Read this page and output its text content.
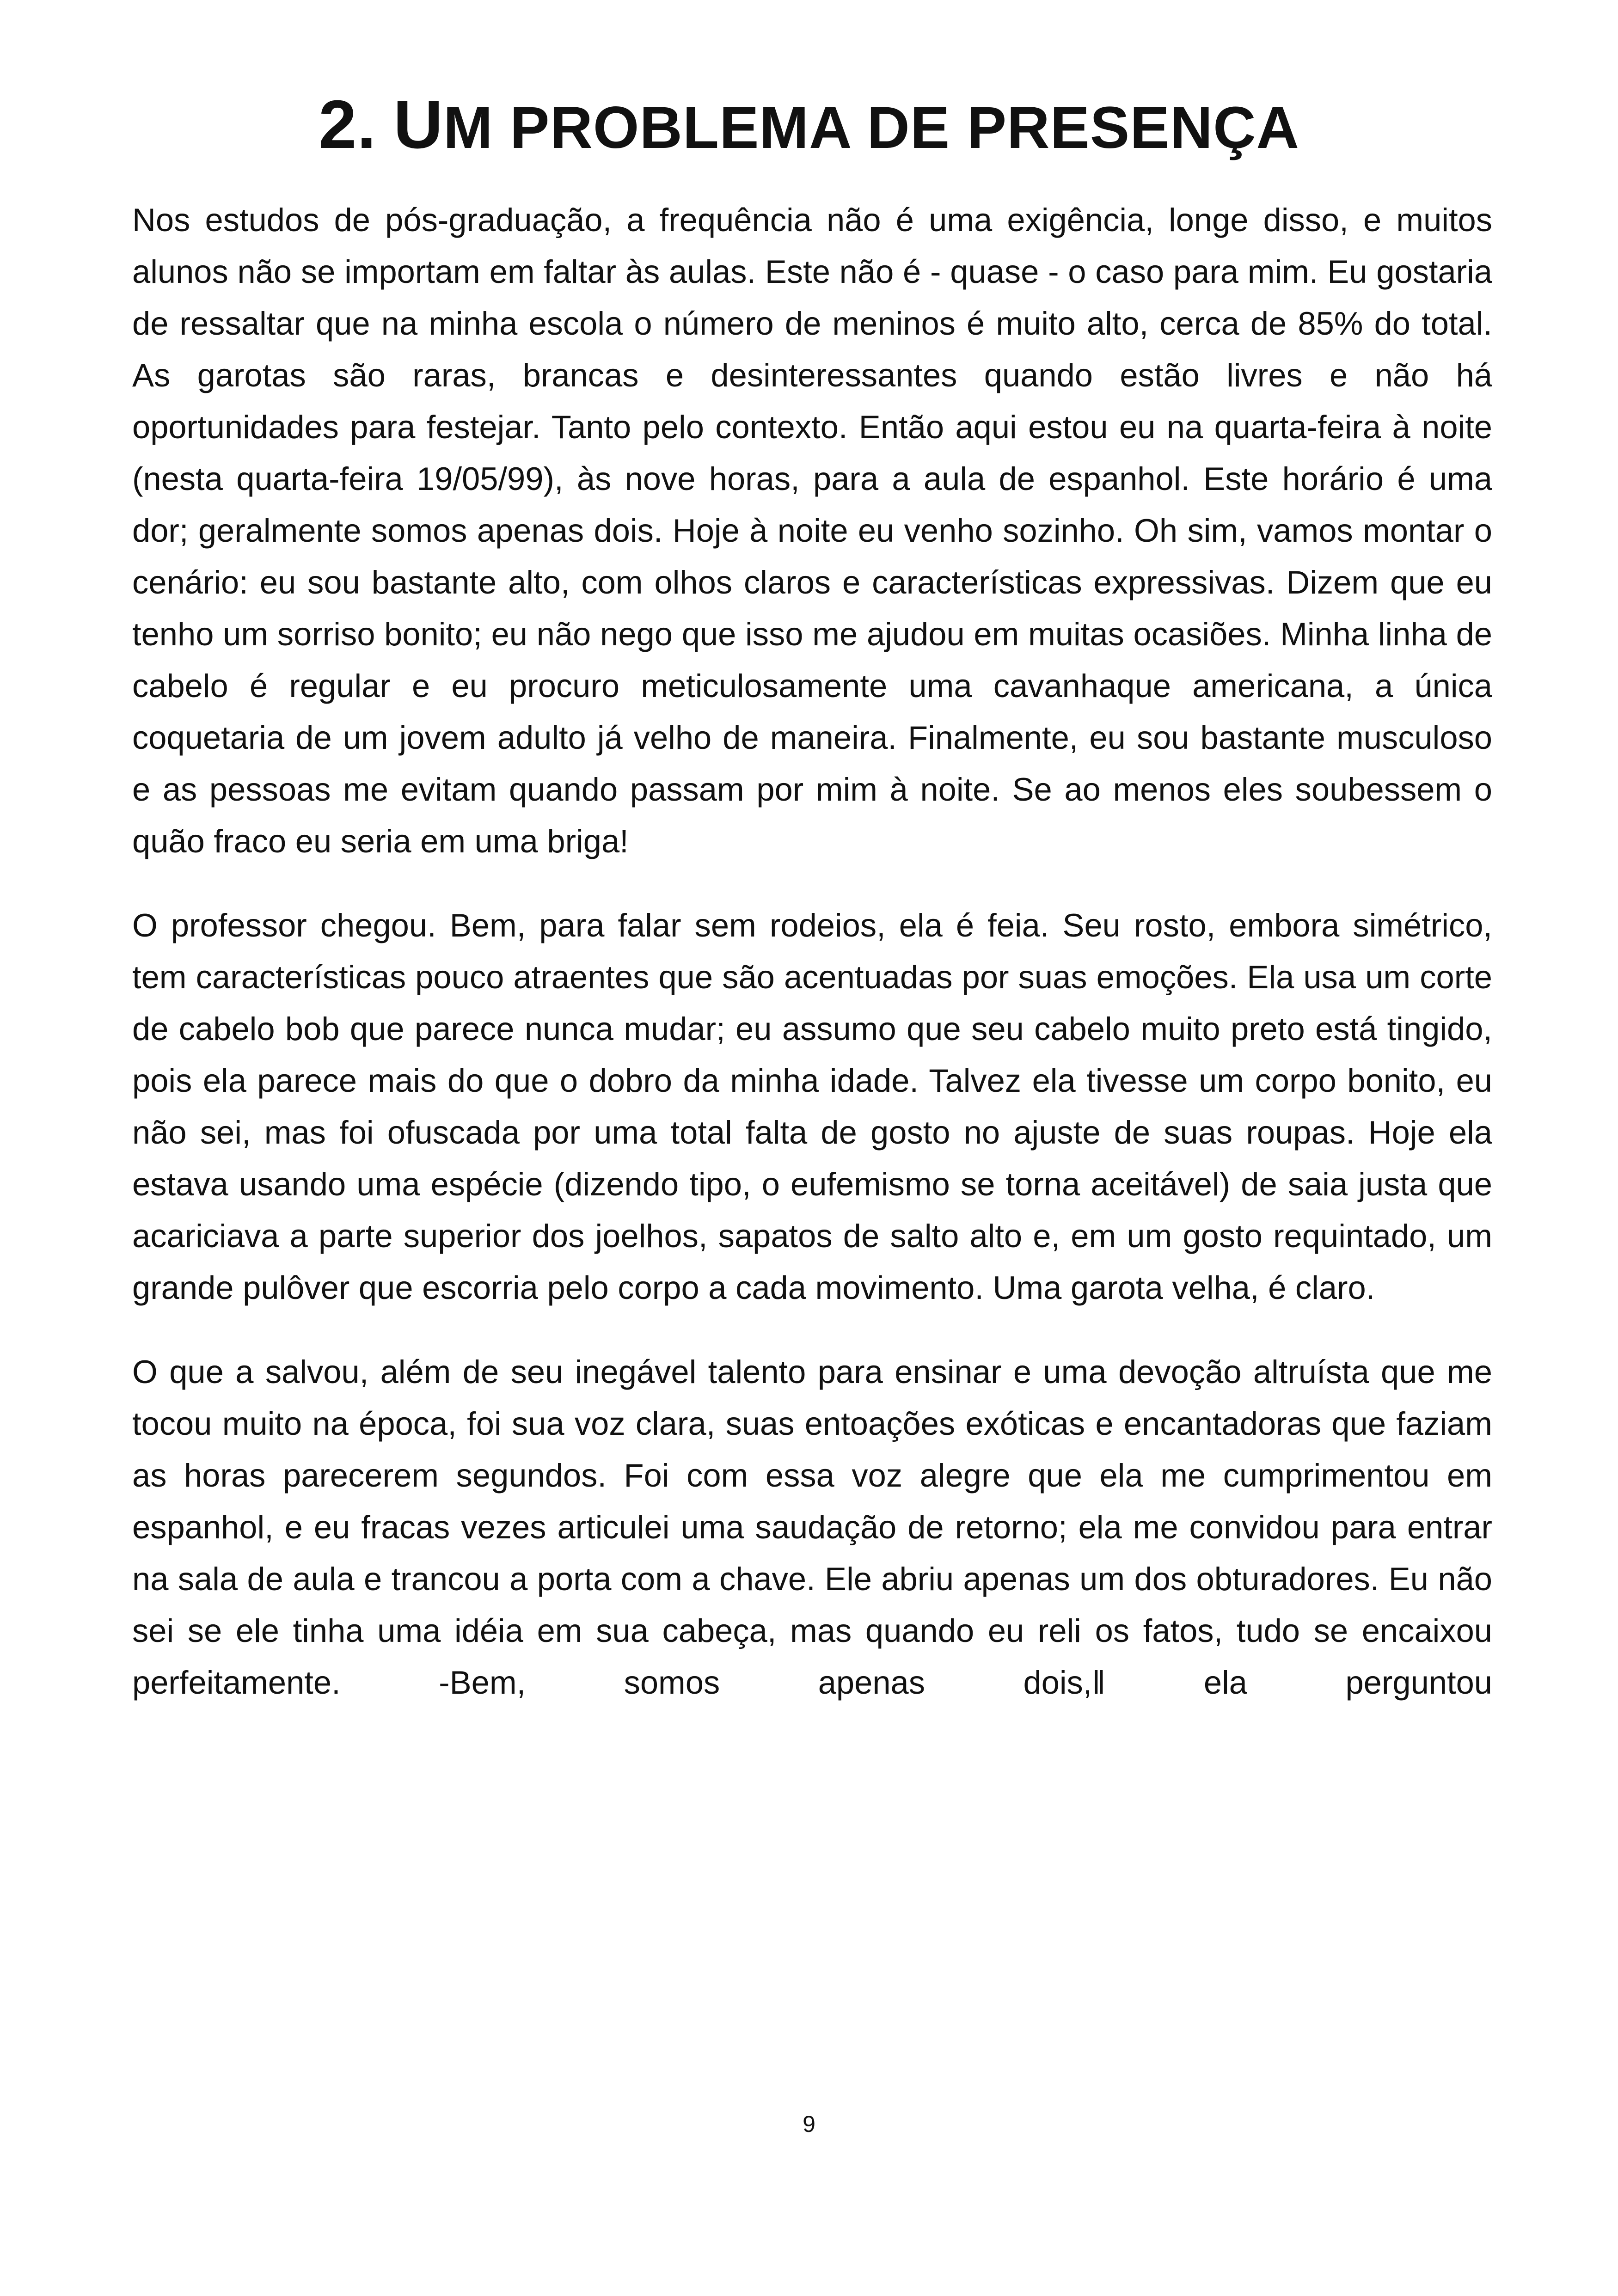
2. UM PROBLEMA DE PRESENÇA

Nos estudos de pós-graduação, a frequência não é uma exigência, longe disso, e muitos alunos não se importam em faltar às aulas. Este não é - quase - o caso para mim. Eu gostaria de ressaltar que na minha escola o número de meninos é muito alto, cerca de 85% do total. As garotas são raras, brancas e desinteressantes quando estão livres e não há oportunidades para festejar. Tanto pelo contexto. Então aqui estou eu na quarta-feira à noite (nesta quarta-feira 19/05/99), às nove horas, para a aula de espanhol. Este horário é uma dor; geralmente somos apenas dois. Hoje à noite eu venho sozinho. Oh sim, vamos montar o cenário: eu sou bastante alto, com olhos claros e características expressivas. Dizem que eu tenho um sorriso bonito; eu não nego que isso me ajudou em muitas ocasiões. Minha linha de cabelo é regular e eu procuro meticulosamente uma cavanhaque americana, a única coquetaria de um jovem adulto já velho de maneira. Finalmente, eu sou bastante musculoso e as pessoas me evitam quando passam por mim à noite. Se ao menos eles soubessem o quão fraco eu seria em uma briga!

O professor chegou. Bem, para falar sem rodeios, ela é feia. Seu rosto, embora simétrico, tem características pouco atraentes que são acentuadas por suas emoções. Ela usa um corte de cabelo bob que parece nunca mudar; eu assumo que seu cabelo muito preto está tingido, pois ela parece mais do que o dobro da minha idade. Talvez ela tivesse um corpo bonito, eu não sei, mas foi ofuscada por uma total falta de gosto no ajuste de suas roupas. Hoje ela estava usando uma espécie (dizendo tipo, o eufemismo se torna aceitável) de saia justa que acariciava a parte superior dos joelhos, sapatos de salto alto e, em um gosto requintado, um grande pulôver que escorria pelo corpo a cada movimento. Uma garota velha, é claro.

O que a salvou, além de seu inegável talento para ensinar e uma devoção altruísta que me tocou muito na época, foi sua voz clara, suas entoações exóticas e encantadoras que faziam as horas parecerem segundos. Foi com essa voz alegre que ela me cumprimentou em espanhol, e eu fracas vezes articulei uma saudação de retorno; ela me convidou para entrar na sala de aula e trancou a porta com a chave. Ele abriu apenas um dos obturadores. Eu não sei se ele tinha uma idéia em sua cabeça, mas quando eu reli os fatos, tudo se encaixou perfeitamente. -Bem, somos apenas dois,‖ ela perguntou

9
